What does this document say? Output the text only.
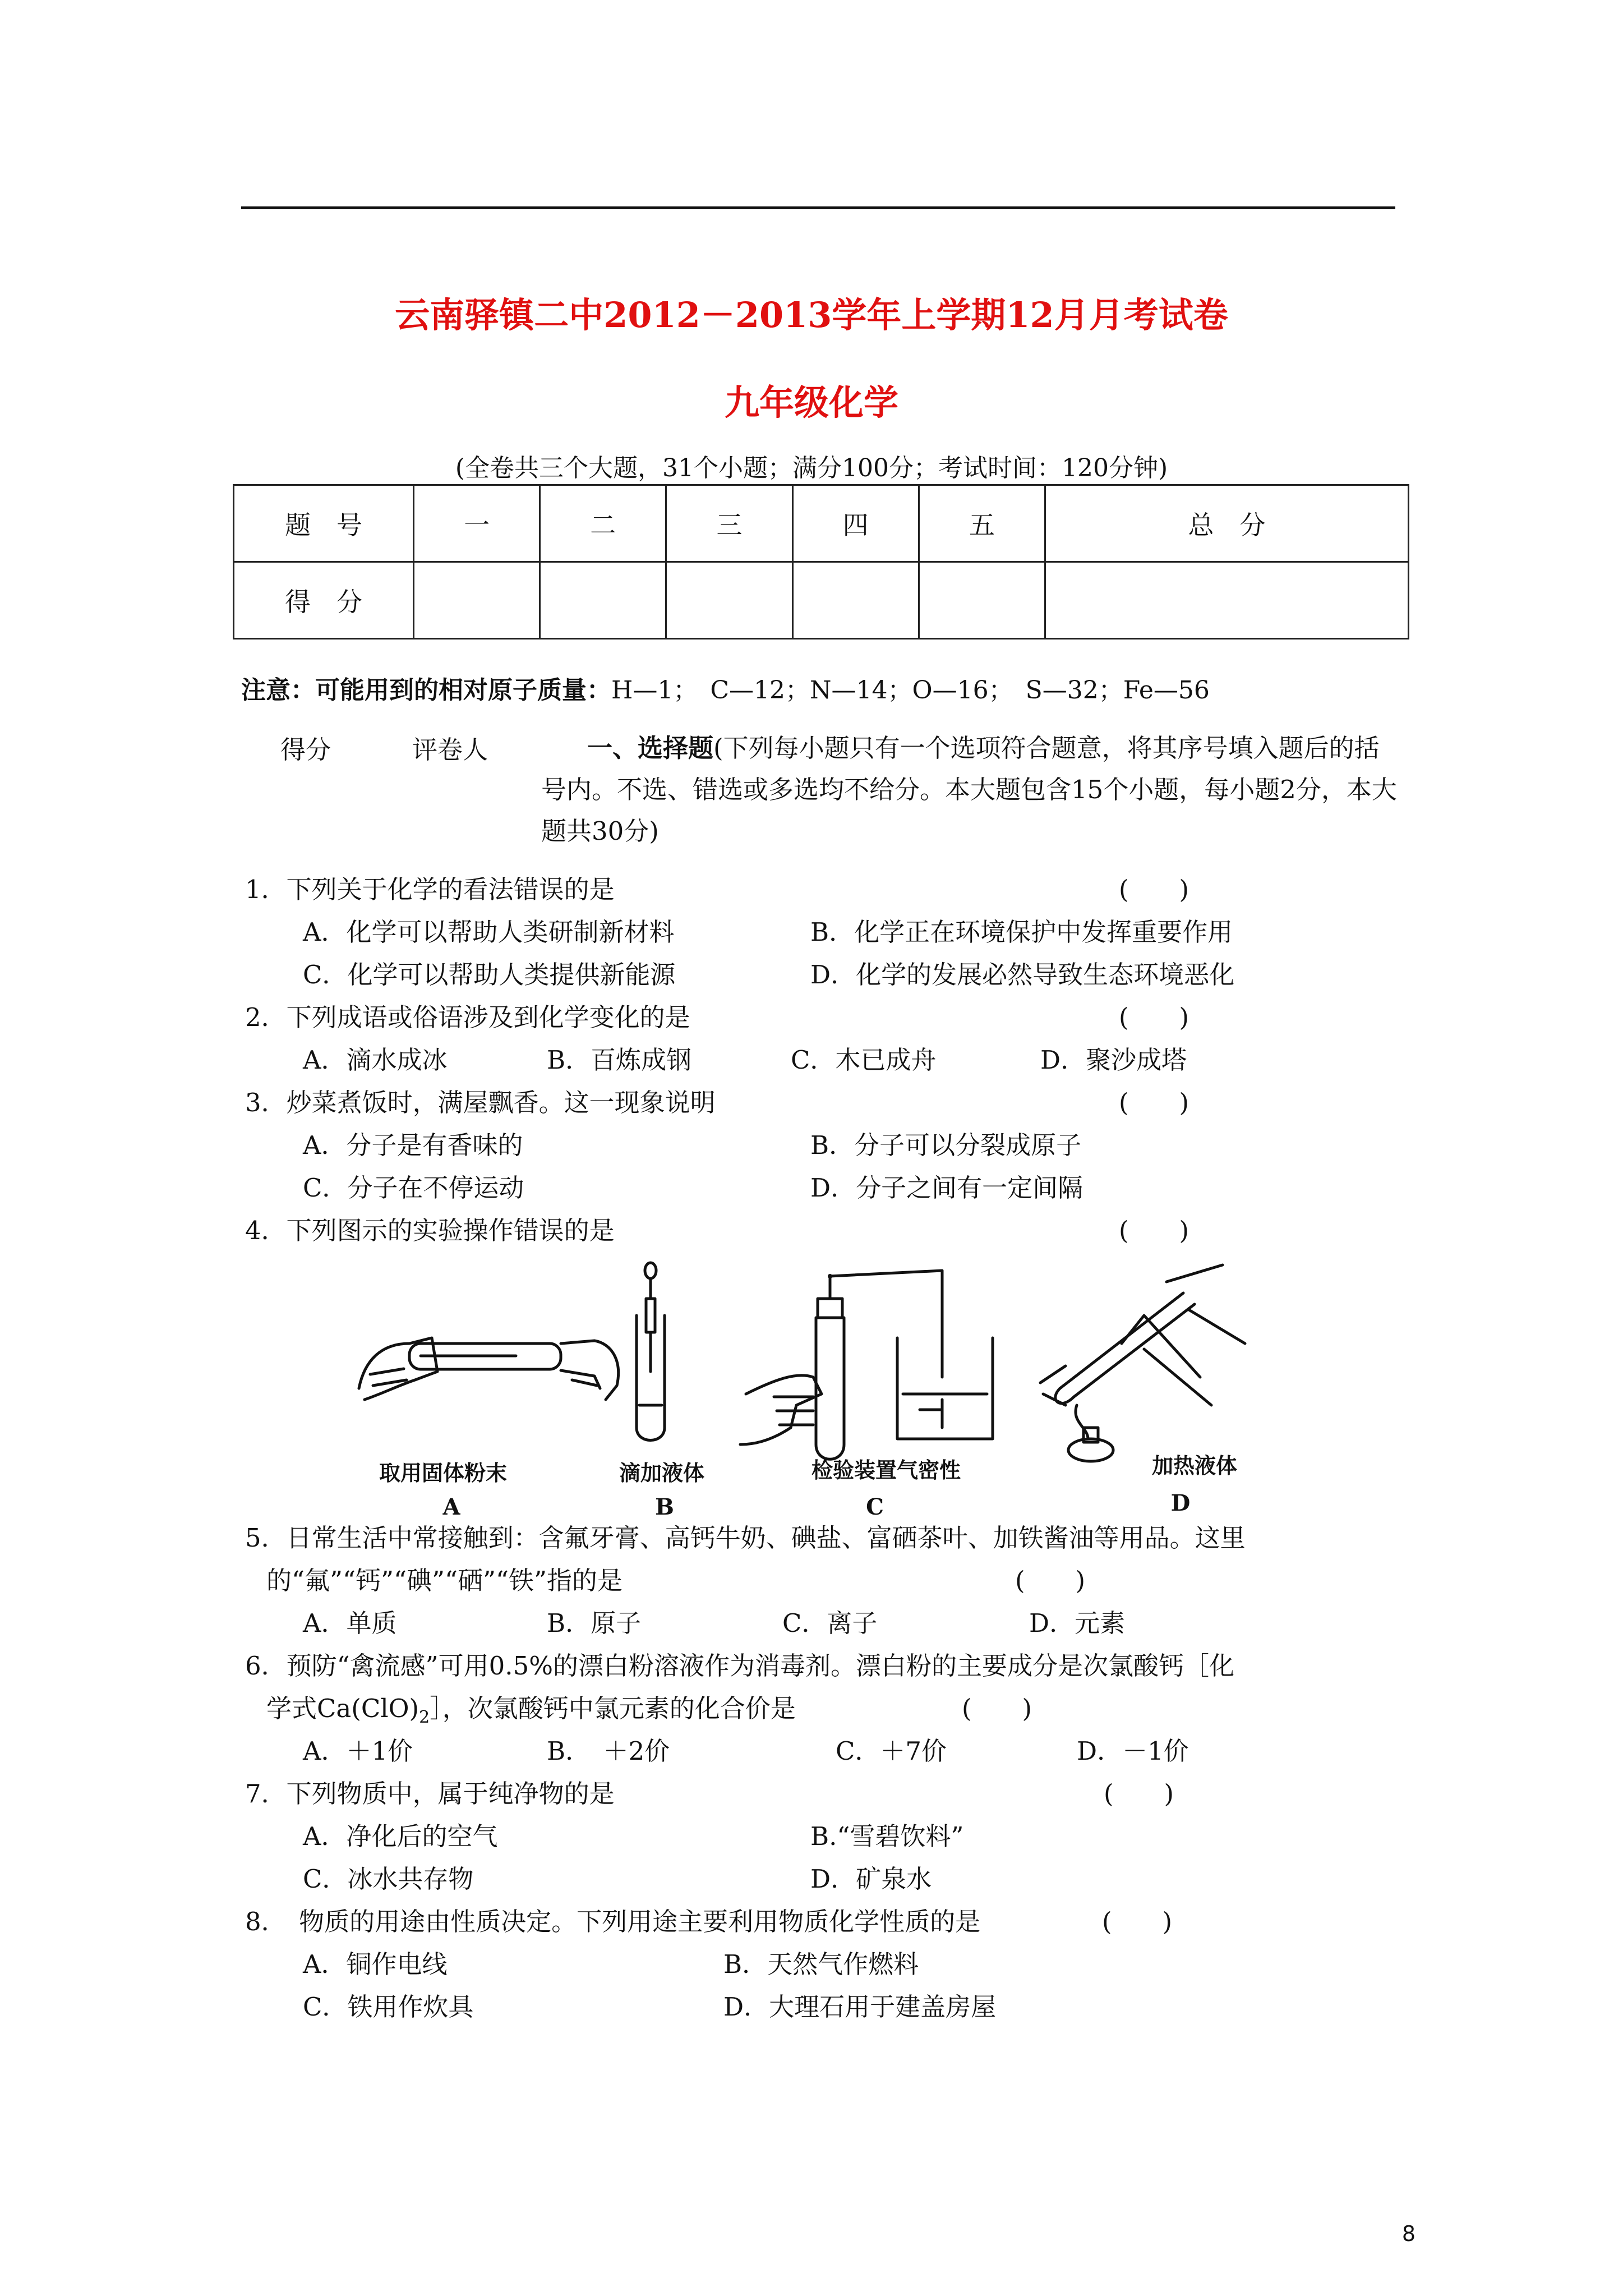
云南驿镇二中2012－2013学年上学期12月月考试卷
九年级化学
(全卷共三个大题，31个小题；满分100分；考试时间：120分钟)
题　号	一	二	三	四	五	总　分
得　分						
注意：可能用到的相对原子质量：H—1；　C—12；N—14；O—16；　S—32；Fe—56
得分	评卷人	一、选择题(下列每小题只有一个选项符合题意，将其序号填入题后的括号内。不选、错选或多选均不给分。本大题包含15个小题，每小题2分，本大题共30分)
1．下列关于化学的看法错误的是	(　　)
A．化学可以帮助人类研制新材料	B．化学正在环境保护中发挥重要作用
C．化学可以帮助人类提供新能源	D．化学的发展必然导致生态环境恶化
2．下列成语或俗语涉及到化学变化的是	(　　)
A．滴水成冰	B．百炼成钢	C．木已成舟	D．聚沙成塔
3．炒菜煮饭时，满屋飘香。这一现象说明	(　　)
A．分子是有香味的	B．分子可以分裂成原子
C．分子在不停运动	D．分子之间有一定间隔
4．下列图示的实验操作错误的是	(　　)
取用固体粉末	滴加液体	检验装置气密性	加热液体
A	B	C	D
5．日常生活中常接触到：含氟牙膏、高钙牛奶、碘盐、富硒茶叶、加铁酱油等用品。这里
的“氟”“钙”“碘”“硒”“铁”指的是	(　　)
A．单质	B．原子	C．离子	D．元素
6．预防“禽流感”可用0.5%的漂白粉溶液作为消毒剂。漂白粉的主要成分是次氯酸钙［化
学式$Ca(ClO)_2]$，次氯酸钙中氯元素的化合价是	(　　)
A．＋1价	B．　＋2价	C．＋7价	D．－1价
7．下列物质中，属于纯净物的是	(　　)
A．净化后的空气	B.“雪碧饮料”
C．冰水共存物	D．矿泉水
8．　物质的用途由性质决定。下列用途主要利用物质化学性质的是	(　　)
A．铜作电线	B．天然气作燃料
C．铁用作炊具	D．大理石用于建盖房屋
8
